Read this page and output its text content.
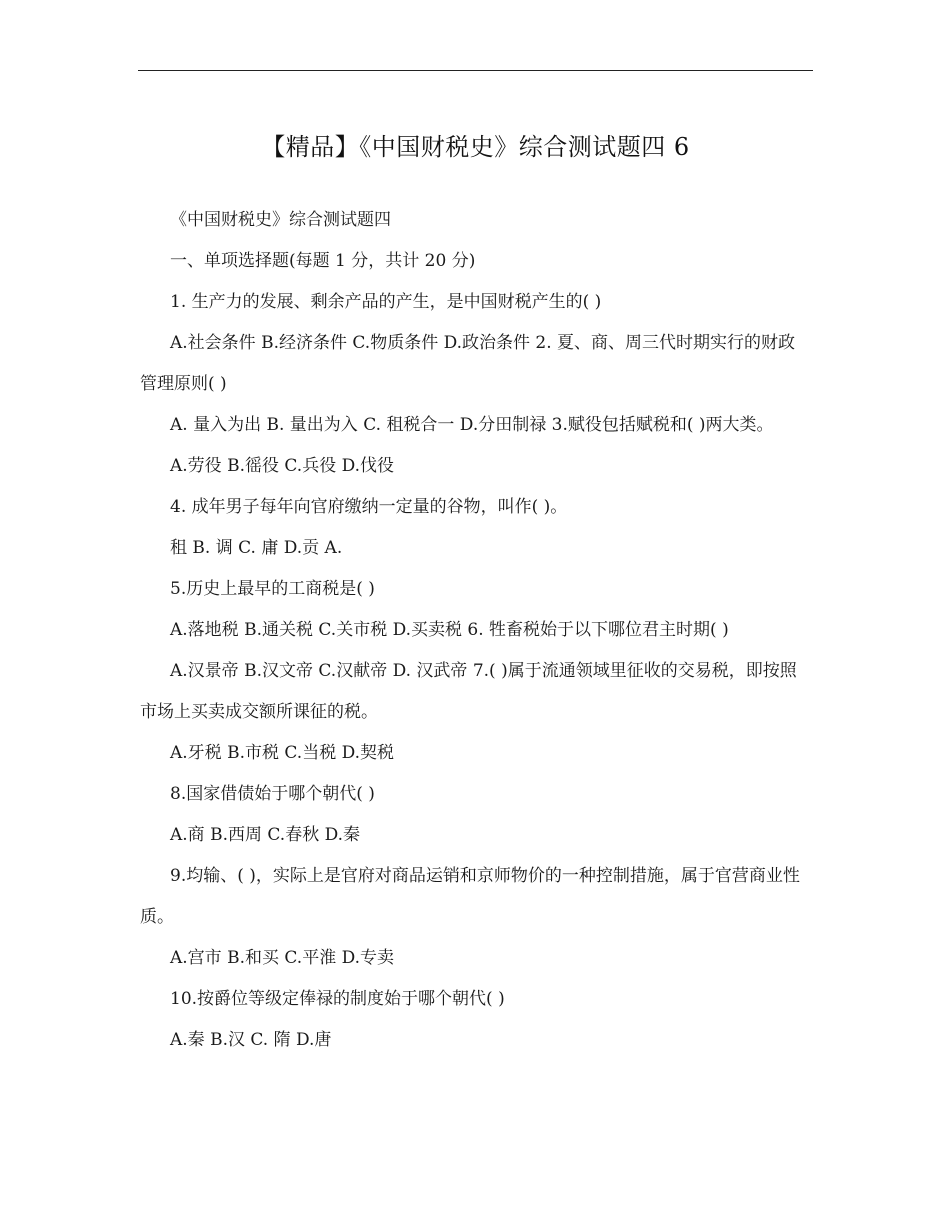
【精品】《中国财税史》综合测试题四 6

《中国财税史》综合测试题四

一、单项选择题(每题 1 分，共计 20 分)

1. 生产力的发展、剩余产品的产生，是中国财税产生的( )

A.社会条件 B.经济条件 C.物质条件 D.政治条件 2. 夏、商、周三代时期实行的财政管理原则( )

A. 量入为出 B. 量出为入 C. 租税合一 D.分田制禄 3.赋役包括赋税和( )两大类。

A.劳役 B.徭役 C.兵役 D.伐役

4. 成年男子每年向官府缴纳一定量的谷物，叫作( )。

租 B. 调 C. 庸 D.贡 A.

5.历史上最早的工商税是( )

A.落地税 B.通关税 C.关市税 D.买卖税 6. 牲畜税始于以下哪位君主时期( )

A.汉景帝 B.汉文帝 C.汉献帝 D. 汉武帝 7.( )属于流通领域里征收的交易税，即按照市场上买卖成交额所课征的税。

A.牙税 B.市税 C.当税 D.契税

8.国家借债始于哪个朝代( )

A.商 B.西周 C.春秋 D.秦

9.均输、( )，实际上是官府对商品运销和京师物价的一种控制措施，属于官营商业性质。

A.宫市 B.和买 C.平淮 D.专卖

10.按爵位等级定俸禄的制度始于哪个朝代( )

A.秦 B.汉 C. 隋 D.唐
